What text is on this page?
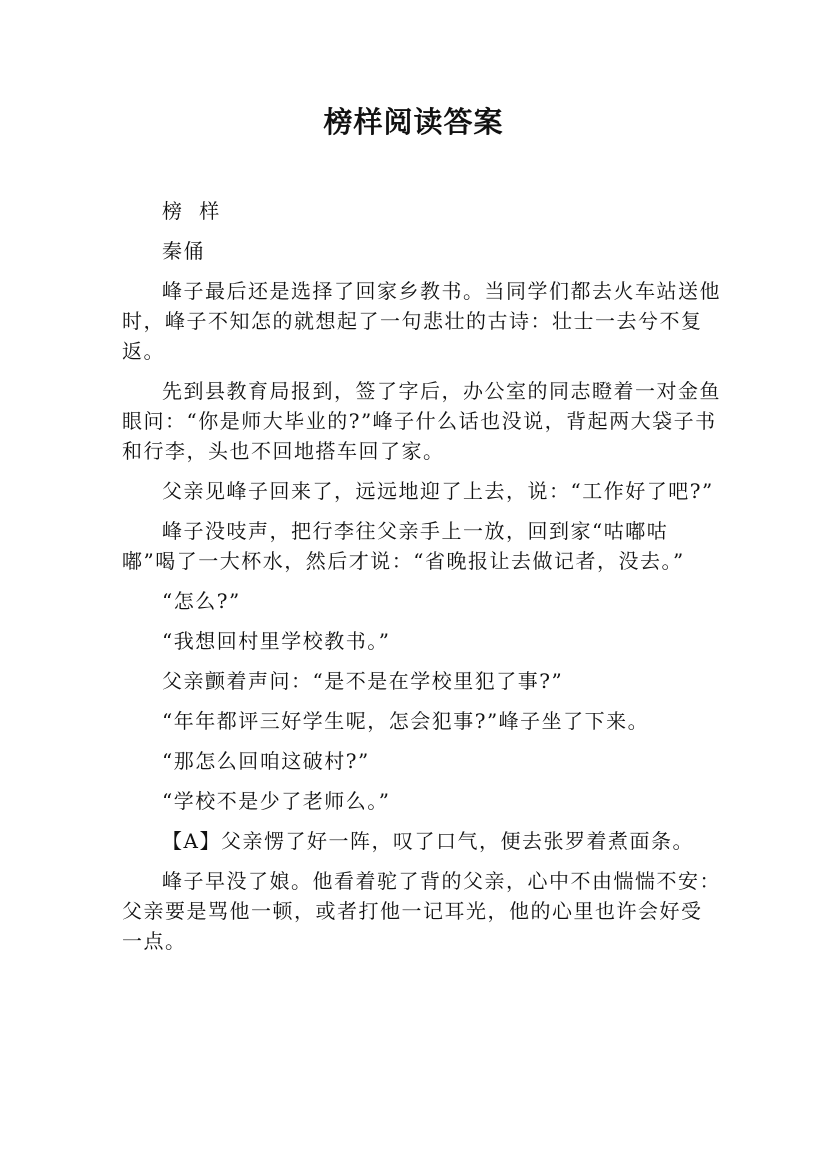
榜样阅读答案

榜  样

秦俑

峰子最后还是选择了回家乡教书。当同学们都去火车站送他时，峰子不知怎的就想起了一句悲壮的古诗：壮士一去兮不复返。

先到县教育局报到，签了字后，办公室的同志瞪着一对金鱼眼问：“你是师大毕业的?”峰子什么话也没说，背起两大袋子书和行李，头也不回地搭车回了家。

父亲见峰子回来了，远远地迎了上去，说：“工作好了吧?”

峰子没吱声，把行李往父亲手上一放，回到家“咕嘟咕嘟”喝了一大杯水，然后才说：“省晚报让去做记者，没去。”

“怎么?”

“我想回村里学校教书。”

父亲颤着声问：“是不是在学校里犯了事?”

“年年都评三好学生呢，怎会犯事?”峰子坐了下来。

“那怎么回咱这破村?”

“学校不是少了老师么。”

【A】父亲愣了好一阵，叹了口气，便去张罗着煮面条。

峰子早没了娘。他看着驼了背的父亲，心中不由惴惴不安：父亲要是骂他一顿，或者打他一记耳光，他的心里也许会好受一点。
